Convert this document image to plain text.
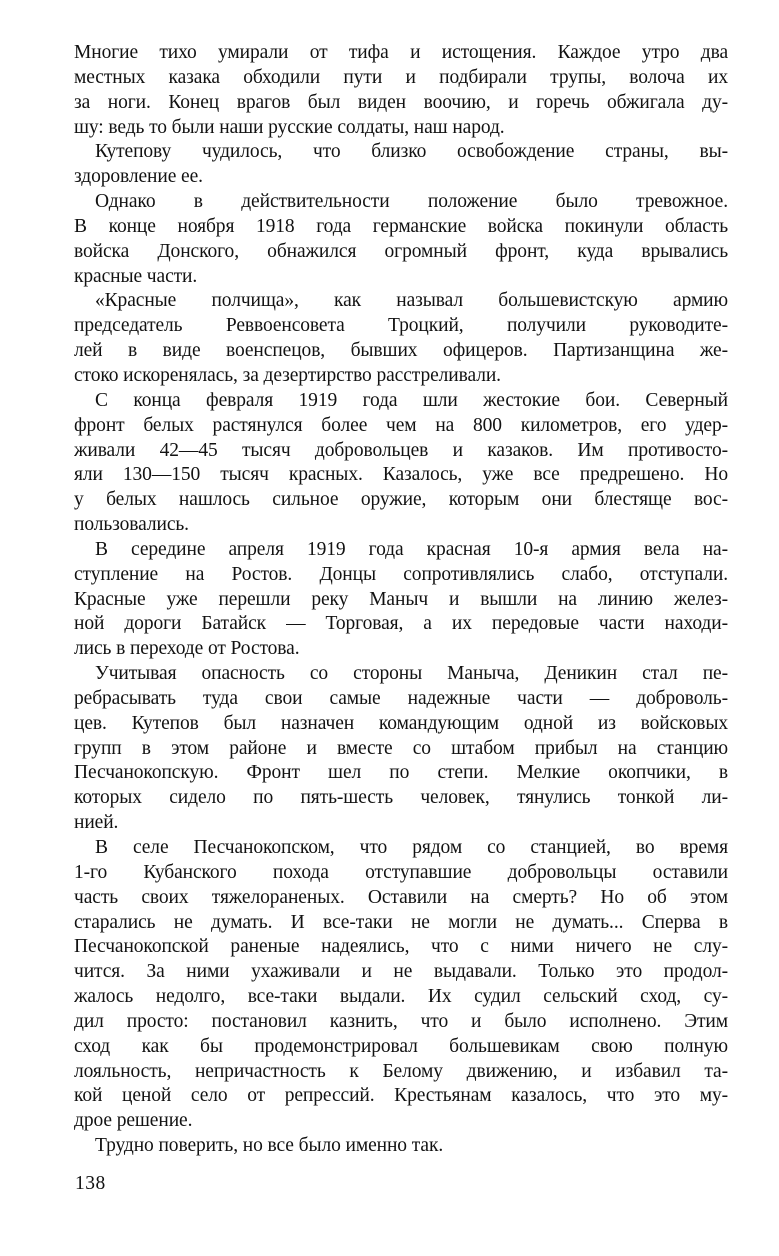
Многие тихо умирали от тифа и истощения. Каждое утро два
местных казака обходили пути и подбирали трупы, волоча их
за ноги. Конец врагов был виден воочию, и горечь обжигала ду-
шу: ведь то были наши русские солдаты, наш народ.
Кутепову чудилось, что близко освобождение страны, вы-
здоровление ее.
Однако в действительности положение было тревожное.
В конце ноября 1918 года германские войска покинули область
войска Донского, обнажился огромный фронт, куда врывались
красные части.
«Красные полчища», как называл большевистскую армию
председатель Реввоенсовета Троцкий, получили руководите-
лей в виде военспецов, бывших офицеров. Партизанщина же-
стоко искоренялась, за дезертирство расстреливали.
С конца февраля 1919 года шли жестокие бои. Северный
фронт белых растянулся более чем на 800 километров, его удер-
живали 42—45 тысяч добровольцев и казаков. Им противосто-
яли 130—150 тысяч красных. Казалось, уже все предрешено. Но
у белых нашлось сильное оружие, которым они блестяще вос-
пользовались.
В середине апреля 1919 года красная 10-я армия вела на-
ступление на Ростов. Донцы сопротивлялись слабо, отступали.
Красные уже перешли реку Маныч и вышли на линию желез-
ной дороги Батайск — Торговая, а их передовые части находи-
лись в переходе от Ростова.
Учитывая опасность со стороны Маныча, Деникин стал пе-
ребрасывать туда свои самые надежные части — доброволь-
цев. Кутепов был назначен командующим одной из войсковых
групп в этом районе и вместе со штабом прибыл на станцию
Песчанокопскую. Фронт шел по степи. Мелкие окопчики, в
которых сидело по пять-шесть человек, тянулись тонкой ли-
нией.
В селе Песчанокопском, что рядом со станцией, во время
1-го Кубанского похода отступавшие добровольцы оставили
часть своих тяжелораненых. Оставили на смерть? Но об этом
старались не думать. И все-таки не могли не думать... Сперва в
Песчанокопской раненые надеялись, что с ними ничего не слу-
чится. За ними ухаживали и не выдавали. Только это продол-
жалось недолго, все-таки выдали. Их судил сельский сход, су-
дил просто: постановил казнить, что и было исполнено. Этим
сход как бы продемонстрировал большевикам свою полную
лояльность, непричастность к Белому движению, и избавил та-
кой ценой село от репрессий. Крестьянам казалось, что это му-
дрое решение.
Трудно поверить, но все было именно так.
138
